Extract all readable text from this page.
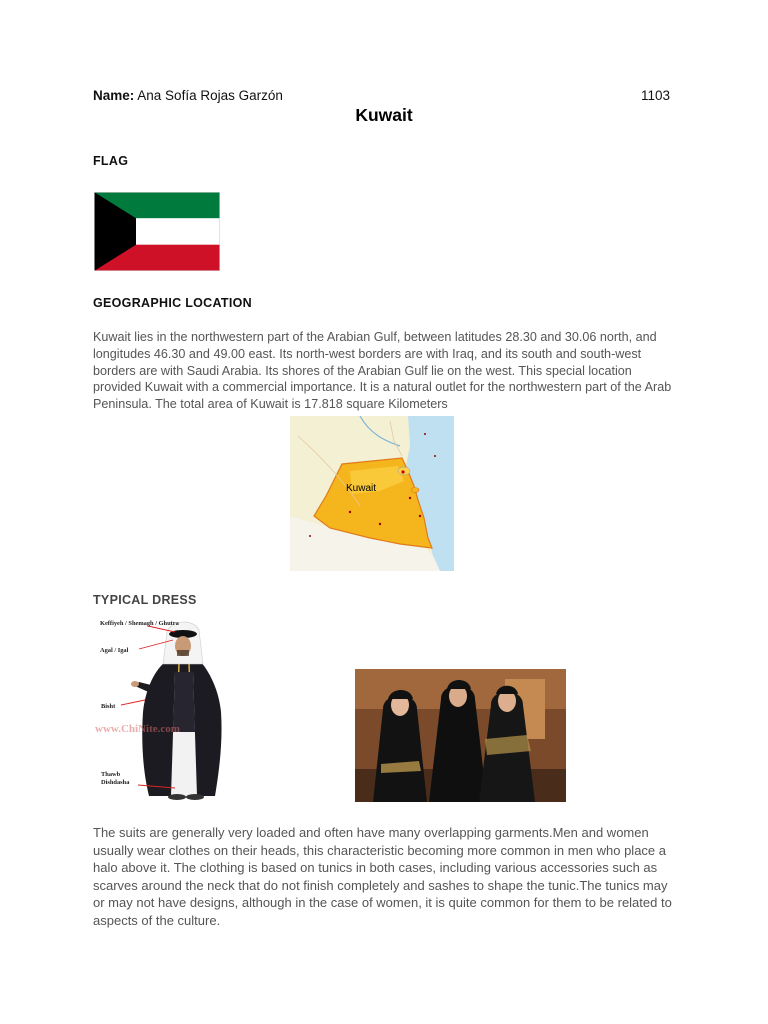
Name: Ana Sofía Rojas Garzón	1103
Kuwait
FLAG
GEOGRAPHIC LOCATION
Kuwait lies in the northwestern part of the Arabian Gulf, between latitudes 28.30 and 30.06 north, and longitudes 46.30 and 49.00 east. Its north-west borders are with Iraq, and its south and south-west borders are with Saudi Arabia. Its shores of the Arabian Gulf lie on the west. This special location provided Kuwait with a commercial importance. It is a natural outlet for the northwestern part of the Arab Peninsula. The total area of Kuwait is 17.818 square Kilometers
Kuwait
TYPICAL DRESS
Keffiyeh / Shemagh / Ghutra
Agal / Igal
Bisht
Thawb
Dishdasha
www.ChiNite.com
The suits are generally very loaded and often have many overlapping garments.Men and women usually wear clothes on their heads, this characteristic becoming more common in men who place a halo above it. The clothing is based on tunics in both cases, including various accessories such as scarves around the neck that do not finish completely and sashes to shape the tunic.The tunics may or may not have designs, although in the case of women, it is quite common for them to be related to aspects of the culture.
